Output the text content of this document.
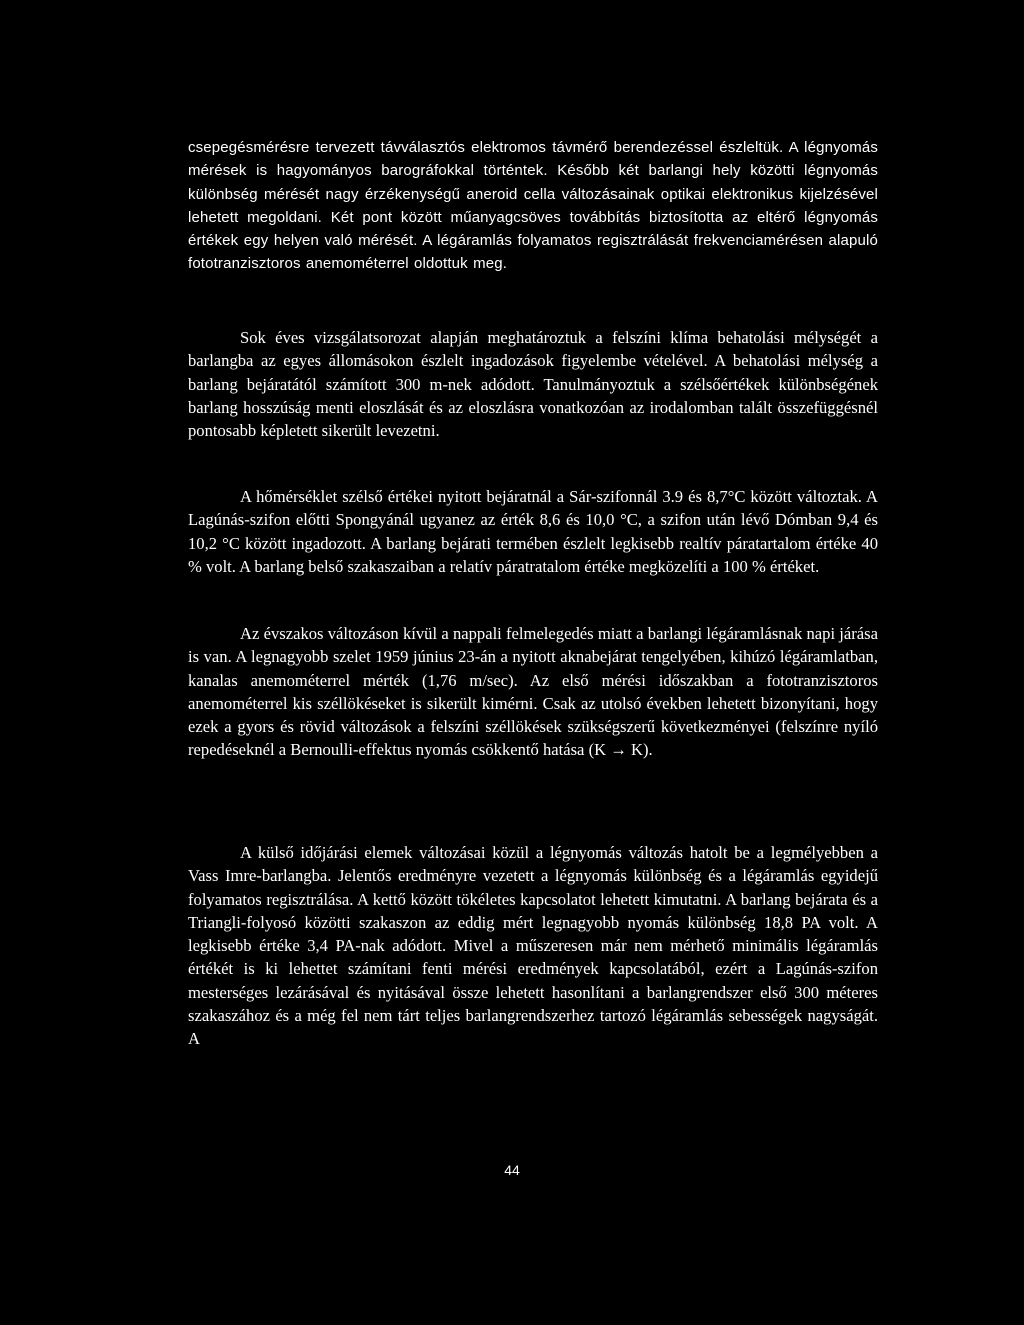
csepegésmérésre tervezett távválasztós elektromos távmérő berendezéssel észleltük. A légnyomás mérések is hagyományos barográfokkal történtek. Később két barlangi hely közötti légnyomás különbség mérését nagy érzékenységű aneroid cella változásainak optikai elektronikus kijelzésével lehetett megoldani. Két pont között műanyagcsöves továbbítás biztosította az eltérő légnyomás értékek egy helyen való mérését. A légáramlás folyamatos regisztrálását frekvenciamérésen alapuló fototranzisztoros anemométerrel oldottuk meg.

Sok éves vizsgálatsorozat alapján meghatároztuk a felszíni klíma behatolási mélységét a barlangba az egyes állomásokon észlelt ingadozások figyelembe vételével. A behatolási mélység a barlang bejáratától számított 300 m-nek adódott. Tanulmányoztuk a szélsőértékek különbségének barlang hosszúság menti eloszlását és az eloszlásra vonatkozóan az irodalomban talált összefüggésnél pontosabb képletett sikerült levezetni.

A hőmérséklet szélső értékei nyitott bejáratnál a Sár-szifonnál 3.9 és 8,7°C között változtak. A Lagúnás-szifon előtti Spongyánál ugyanez az érték 8,6 és 10,0 °C, a szifon után lévő Dómban 9,4 és 10,2 °C között ingadozott. A barlang bejárati termében észlelt legkisebb realtív páratartalom értéke 40 % volt. A barlang belső szakaszaiban a relatív páratratalom értéke megközelíti a 100 % értéket.

Az évszakos változáson kívül a nappali felmelegedés miatt a barlangi légáramlásnak napi járása is van. A legnagyobb szelet 1959 június 23-án a nyitott aknabejárat tengelyében, kihúzó légáramlatban, kanalas anemométerrel mérték (1,76 m/sec). Az első mérési időszakban a fototranzisztoros anemométerrel kis széllökéseket is sikerült kimérni. Csak az utolsó években lehetett bizonyítani, hogy ezek a gyors és rövid változások a felszíni széllökések szükségszerű következményei (felszínre nyíló repedéseknél a Bernoulli-effektus nyomás csökkentő hatása (K → K).

A külső időjárási elemek változásai közül a légnyomás változás hatolt be a legmélyebben a Vass Imre-barlangba. Jelentős eredményre vezetett a légnyomás különbség és a légáramlás egyidejű folyamatos regisztrálása. A kettő között tökéletes kapcsolatot lehetett kimutatni. A barlang bejárata és a Triangli-folyosó közötti szakaszon az eddig mért legnagyobb nyomás különbség 18,8 PA volt. A legkisebb értéke 3,4 PA-nak adódott. Mivel a műszeresen már nem mérhető minimális légáramlás értékét is ki lehettet számítani fenti mérési eredmények kapcsolatából, ezért a Lagúnás-szifon mesterséges lezárásával és nyitásával össze lehetett hasonlítani a barlangrendszer első 300 méteres szakaszához és a még fel nem tárt teljes barlangrendszerhez tartozó légáramlás sebességek nagyságát. A

44
